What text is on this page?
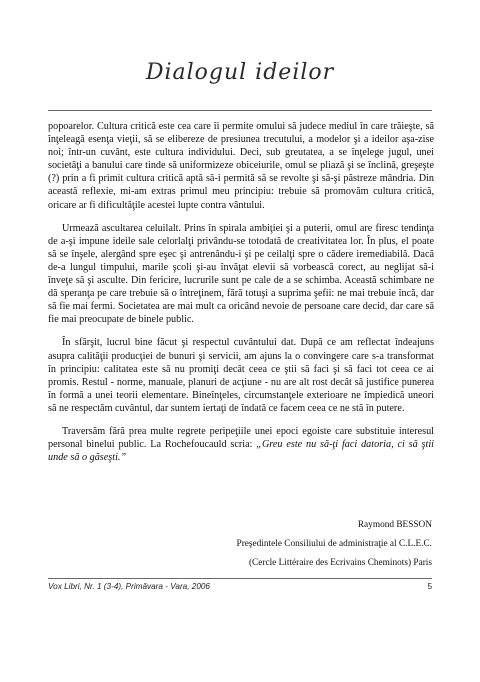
Dialogul ideilor

popoarelor. Cultura critică este cea care îi permite omului să judece mediul în care trăieşte, să înţeleagă esenţa vieţii, să se elibereze de presiunea trecutului, a modelor şi a ideilor aşa-zise noi; într-un cuvânt, este cultura individului. Deci, sub greutatea, a se înţelege jugul, unei societăţi a banului care tinde să uniformizeze obiceiurile, omul se pliază şi se înclină, greşeşte (?) prin a fi primit cultura critică aptă să-i permită să se revolte şi să-şi păstreze mândria. Din această reflexie, mi-am extras primul meu principiu: trebuie să promovăm cultura critică, oricare ar fi dificultăţile acestei lupte contra vântului.

Urmează ascultarea celuilalt. Prins în spirala ambiţiei şi a puterii, omul are firesc tendinţa de a-şi impune ideile sale celorlalţi privându-se totodată de creativitatea lor. În plus, el poate să se înşele, alergând spre eşec şi antrenându-i şi pe ceilalţi spre o cădere iremediabilă. Dacă de-a lungul timpului, marile şcoli şi-au învăţat elevii să vorbească corect, au neglijat să-i înveţe să şi asculte. Din fericire, lucrurile sunt pe cale de a se schimba. Această schimbare ne dă speranţa pe care trebuie să o întreţinem, fără totuşi a suprima şefii: ne mai trebuie încă, dar să fie mai fermi. Societatea are mai mult ca oricând nevoie de persoane care decid, dar care să fie mai preocupate de binele public.

În sfârşit, lucrul bine făcut şi respectul cuvântului dat. După ce am reflectat îndeajuns asupra calităţii producţiei de bunuri şi servicii, am ajuns la o convingere care s-a transformat în principiu: calitatea este să nu promiţi decât ceea ce ştii să faci şi să faci tot ceea ce ai promis. Restul - norme, manuale, planuri de acţiune - nu are alt rost decât să justifice punerea în formă a unei teorii elementare. Bineînţeles, circumstanţele exterioare ne împiedică uneori să ne respectăm cuvântul, dar suntem iertaţi de îndată ce facem ceea ce ne stă în putere.

Traversăm fără prea multe regrete peripeţiile unei epoci egoiste care substituie interesul personal binelui public. La Rochefoucauld scria: „Greu este nu să-ţi faci datoria, ci să ştii unde să o găseşti.”

Raymond BESSON
Preşedintele Consiliului de administraţie al C.L.E.C.
(Cercle Littéraire des Ecrivains Cheminots) Paris
Vox Libri, Nr. 1 (3-4), Primăvara - Vara, 2006	5
